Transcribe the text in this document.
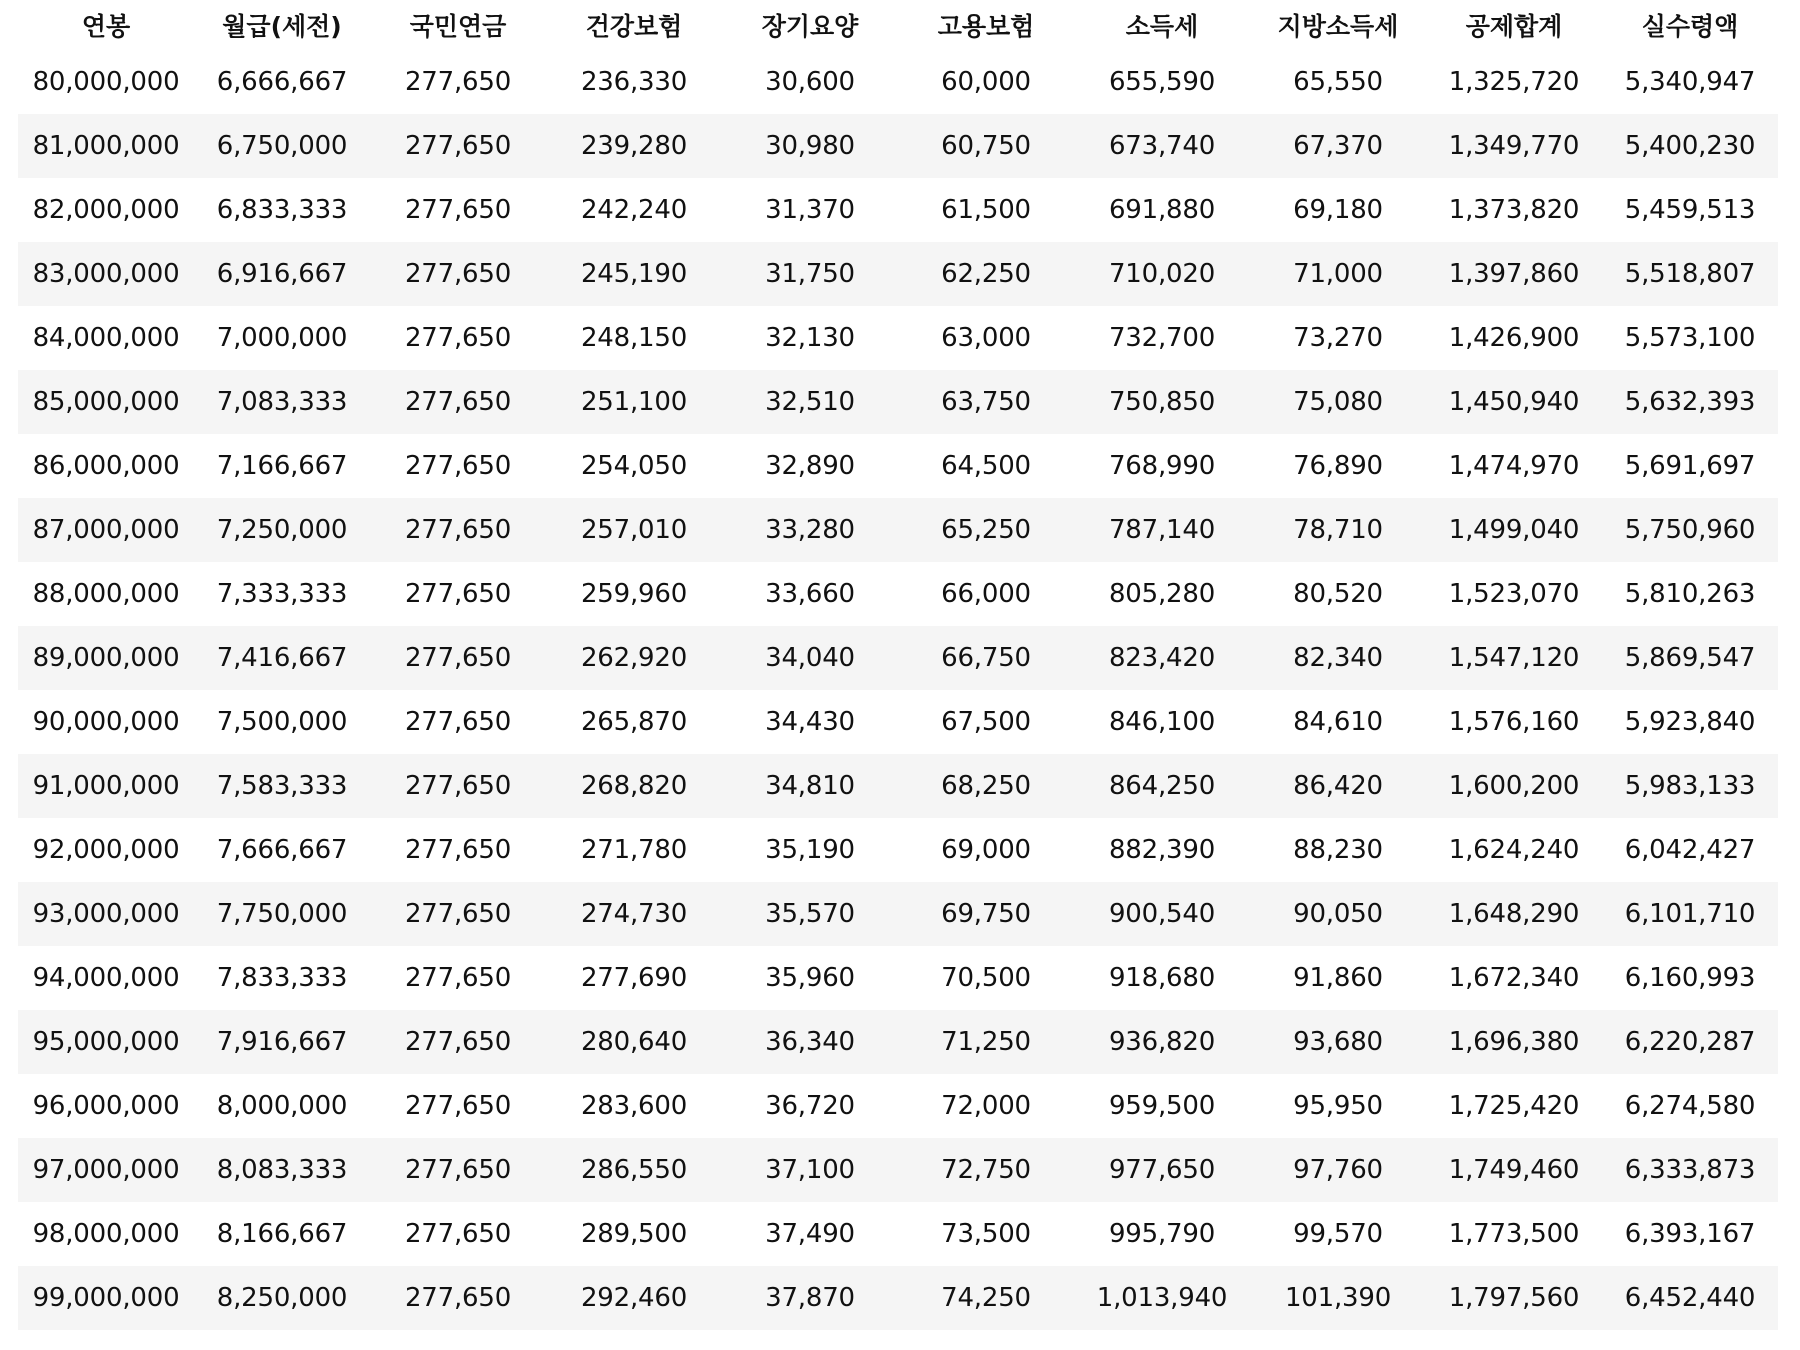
연봉	월급(세전)	국민연금	건강보험	장기요양	고용보험	소득세	지방소득세	공제합계	실수령액
80,000,000	6,666,667	277,650	236,330	30,600	60,000	655,590	65,550	1,325,720	5,340,947
81,000,000	6,750,000	277,650	239,280	30,980	60,750	673,740	67,370	1,349,770	5,400,230
82,000,000	6,833,333	277,650	242,240	31,370	61,500	691,880	69,180	1,373,820	5,459,513
83,000,000	6,916,667	277,650	245,190	31,750	62,250	710,020	71,000	1,397,860	5,518,807
84,000,000	7,000,000	277,650	248,150	32,130	63,000	732,700	73,270	1,426,900	5,573,100
85,000,000	7,083,333	277,650	251,100	32,510	63,750	750,850	75,080	1,450,940	5,632,393
86,000,000	7,166,667	277,650	254,050	32,890	64,500	768,990	76,890	1,474,970	5,691,697
87,000,000	7,250,000	277,650	257,010	33,280	65,250	787,140	78,710	1,499,040	5,750,960
88,000,000	7,333,333	277,650	259,960	33,660	66,000	805,280	80,520	1,523,070	5,810,263
89,000,000	7,416,667	277,650	262,920	34,040	66,750	823,420	82,340	1,547,120	5,869,547
90,000,000	7,500,000	277,650	265,870	34,430	67,500	846,100	84,610	1,576,160	5,923,840
91,000,000	7,583,333	277,650	268,820	34,810	68,250	864,250	86,420	1,600,200	5,983,133
92,000,000	7,666,667	277,650	271,780	35,190	69,000	882,390	88,230	1,624,240	6,042,427
93,000,000	7,750,000	277,650	274,730	35,570	69,750	900,540	90,050	1,648,290	6,101,710
94,000,000	7,833,333	277,650	277,690	35,960	70,500	918,680	91,860	1,672,340	6,160,993
95,000,000	7,916,667	277,650	280,640	36,340	71,250	936,820	93,680	1,696,380	6,220,287
96,000,000	8,000,000	277,650	283,600	36,720	72,000	959,500	95,950	1,725,420	6,274,580
97,000,000	8,083,333	277,650	286,550	37,100	72,750	977,650	97,760	1,749,460	6,333,873
98,000,000	8,166,667	277,650	289,500	37,490	73,500	995,790	99,570	1,773,500	6,393,167
99,000,000	8,250,000	277,650	292,460	37,870	74,250	1,013,940	101,390	1,797,560	6,452,440
